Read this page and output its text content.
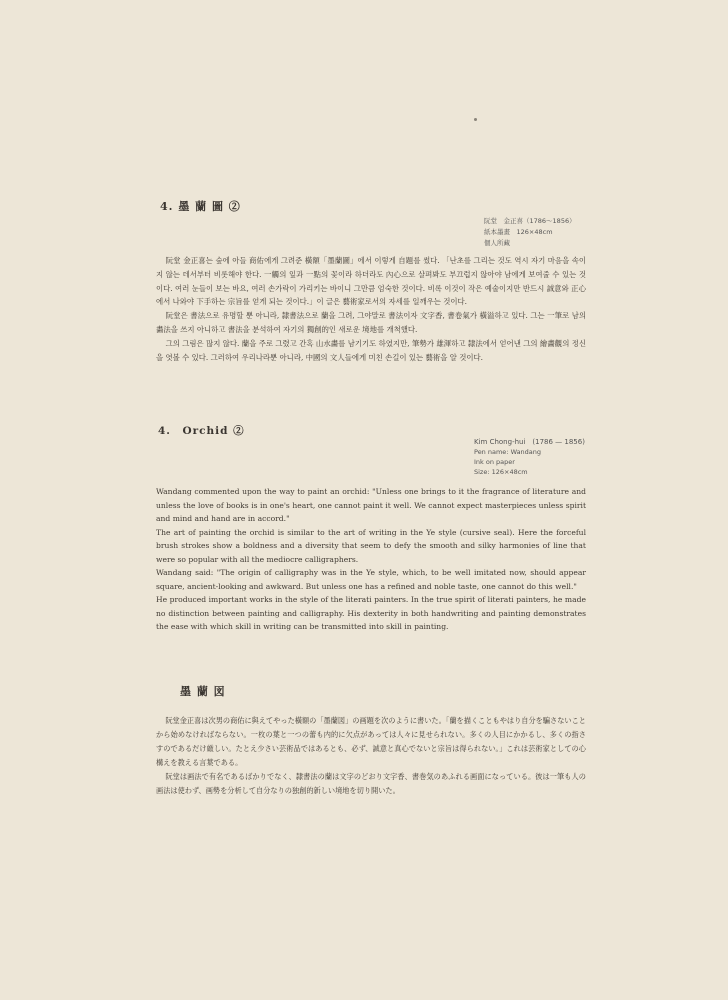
4. 墨 蘭 圖 ②
阮堂　金正喜（1786〜1856）
紙本墨畫　126×48cm
個人所藏

阮堂 金正喜는 숲에 아들 商佑에게 그려준 橫額「墨蘭圖」에서 이렇게 自題를 썼다. 「난초를 그리는 것도 역시 자기 마음을 속이지 않는 데서부터 비롯해야 한다. 一觸의 잎과 一點의 꽃이라 하더라도 內心으로 살펴봐도 부끄럽지 않아야 남에게 보여줄 수 있는 것이다. 여러 눈들이 보는 바요, 여러 손가락이 가리키는 바이니 그만큼 엄숙한 것이다. 비록 이것이 작은 예술이지만 반드시 誠意와 正心에서 나와야 下手하는 宗旨를 얻게 되는 것이다.」이 글은 藝術家로서의 자세를 일깨우는 것이다.

阮堂은 書法으로 유명할 뿐 아니라, 隸書法으로 蘭을 그려, 그야말로 書法이자 文字香, 書卷氣가 橫溢하고 있다. 그는 一筆로 남의 畵法을 쓰지 아니하고 書法을 분석하여 자기의 獨創的인 새로운 境地를 개척했다.

그의 그림은 많지 않다. 蘭을 주로 그렸고 간혹 山水畵를 남기기도 하였지만, 筆勢가 雄渾하고 隸法에서 얻어낸 그의 繪畵觀의 정신을 엿볼 수 있다. 그러하여 우리나라뿐 아니라, 中國의 文人들에게 미친 손길이 있는 藝術을 알 것이다.

4.　Orchid ②
Kim Chong-hui　(1786 — 1856)
Pen name: Wandang
Ink on paper
Size: 126×48cm

Wandang commented upon the way to paint an orchid: "Unless one brings to it the fragrance of literature and unless the love of books is in one's heart, one cannot paint it well. We cannot expect masterpieces unless spirit and mind and hand are in accord."

The art of painting the orchid is similar to the art of writing in the Ye style (cursive seal). Here the forceful brush strokes show a boldness and a diversity that seem to defy the smooth and silky harmonies of line that were so popular with all the mediocre calligraphers.

Wandang said: "The origin of calligraphy was in the Ye style, which, to be well imitated now, should appear square, ancient-looking and awkward. But unless one has a refined and noble taste, one cannot do this well."

He produced important works in the style of the literati painters. In the true spirit of literati painters, he made no distinction between painting and calligraphy. His dexterity in both handwriting and painting demonstrates the ease with which skill in writing can be transmitted into skill in painting.

墨 蘭 図

阮堂金正喜は次男の商佑に與えてやった橫額の「墨蘭図」の画題を次のように書いた。「蘭を描くこともやはり自分を騙さないことから始めなければならない。一枚の葉と一つの蕾も内的に欠点があっては人々に見せられない。多くの人目にかかるし、多くの指さすのであるだけ厳しい。たとえ少さい芸術品ではあるとも、必ず、誠意と真心でないと宗旨は得られない。」これは芸術家としての心構えを教える言葉である。

阮堂は画法で有名であるばかりでなく、隸書法の蘭は文字のどおり文字香、書巻気のあふれる画面になっている。彼は一筆も人の画法は使わず、画勢を分析して自分なりの独創的新しい境地を切り開いた。
